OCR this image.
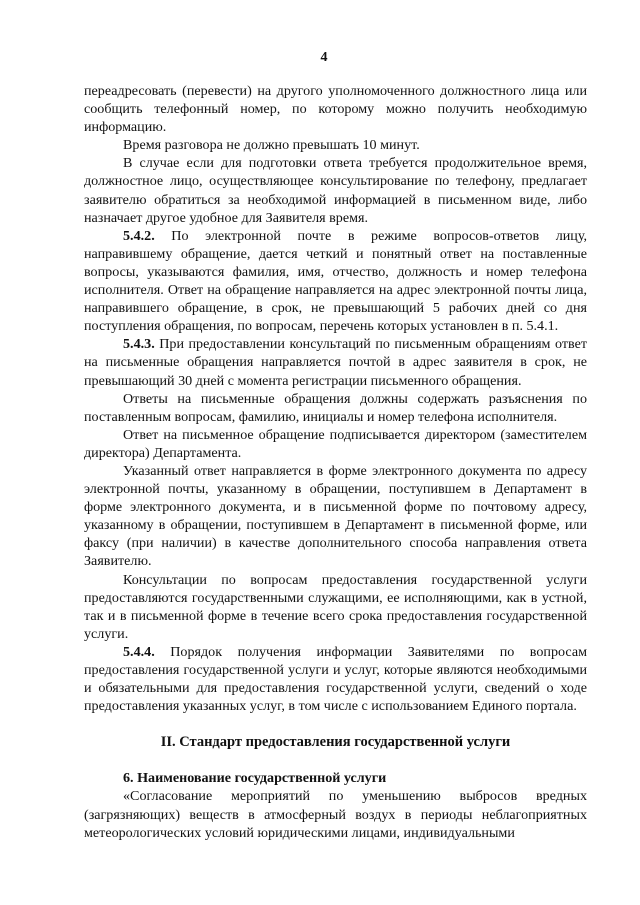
4

переадресовать (перевести) на другого уполномоченного должностного лица или сообщить телефонный номер, по которому можно получить необходимую информацию.

Время разговора не должно превышать 10 минут.

В случае если для подготовки ответа требуется продолжительное время, должностное лицо, осуществляющее консультирование по телефону, предлагает заявителю обратиться за необходимой информацией в письменном виде, либо назначает другое удобное для Заявителя время.

5.4.2. По электронной почте в режиме вопросов-ответов лицу, направившему обращение, дается четкий и понятный ответ на поставленные вопросы, указываются фамилия, имя, отчество, должность и номер телефона исполнителя. Ответ на обращение направляется на адрес электронной почты лица, направившего обращение, в срок, не превышающий 5 рабочих дней со дня поступления обращения, по вопросам, перечень которых установлен в п. 5.4.1.

5.4.3. При предоставлении консультаций по письменным обращениям ответ на письменные обращения направляется почтой в адрес заявителя в срок, не превышающий 30 дней с момента регистрации письменного обращения.

Ответы на письменные обращения должны содержать разъяснения по поставленным вопросам, фамилию, инициалы и номер телефона исполнителя.

Ответ на письменное обращение подписывается директором (заместителем директора) Департамента.

Указанный ответ направляется в форме электронного документа по адресу электронной почты, указанному в обращении, поступившем в Департамент в форме электронного документа, и в письменной форме по почтовому адресу, указанному в обращении, поступившем в Департамент в письменной форме, или факсу (при наличии) в качестве дополнительного способа направления ответа Заявителю.

Консультации по вопросам предоставления государственной услуги предоставляются государственными служащими, ее исполняющими, как в устной, так и в письменной форме в течение всего срока предоставления государственной услуги.

5.4.4. Порядок получения информации Заявителями по вопросам предоставления государственной услуги и услуг, которые являются необходимыми и обязательными для предоставления государственной услуги, сведений о ходе предоставления указанных услуг, в том числе с использованием Единого портала.

II. Стандарт предоставления государственной услуги

6. Наименование государственной услуги

«Согласование мероприятий по уменьшению выбросов вредных (загрязняющих) веществ в атмосферный воздух в периоды неблагоприятных метеорологических условий юридическими лицами, индивидуальными
